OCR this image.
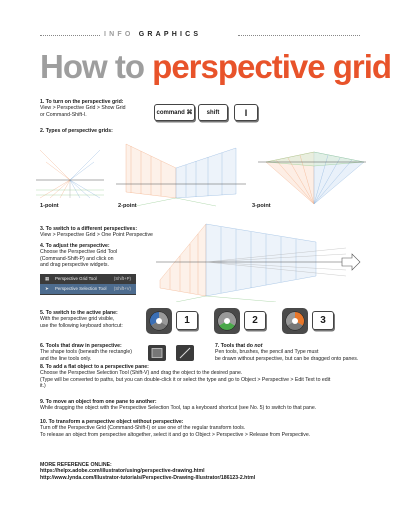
INFO GRAPHICS
How to perspective grid
1. To turn on the perspective grid:
View > Perspective Grid > Show Grid
or Command-Shift-I.	command ⌘	shift	I
2. Types of perspective grids:
1-point	2-point	3-point
3. To switch to a different perspectives:
View > Perspective Grid > One Point Perspective
4. To adjust the perspective:
Choose the Perspective Grid Tool
(Command-Shift-P) and click on
and drag perspective widgets.
▦ Perspective Grid Tool	(Shift+P)
➤ Perspective Selection Tool (Shift+V)
5. To switch to the active plane:
With the perspective grid visible,
use the following keyboard shortcut:	1	2	3
6. Tools that draw in perspective:
The shape tools (beneath the rectangle)
and the line tools only.
7. Tools that do not
Pen tools, brushes, the pencil and Type must
be drawn without perspective, but can be dragged onto panes.
8. To add a flat object to a perspective pane:
Choose the Perspective Selection Tool (Shift-V) and drag the object to the desired pane.
(Type will be converted to paths, but you can double-click it or select the type and go to Object > Perspective > Edit Text to edit
it.)
9. To move an object from one pane to another:
While dragging the object with the Perspective Selection Tool, tap a keyboard shortcut (see No. 5) to switch to that pane.
10. To transform a perspective object without perspective:
Turn off the Perspective Grid (Command-Shift-I) or use one of the regular transform tools.
To release an object from perspective altogether, select it and go to Object > Perspective > Release from Perspective.
MORE REFERENCE ONLINE:
https://helpx.adobe.com/illustrator/using/perspective-drawing.html
http://www.lynda.com/Illustrator-tutorials/Perspective-Drawing-Illustrator/186123-2.html
